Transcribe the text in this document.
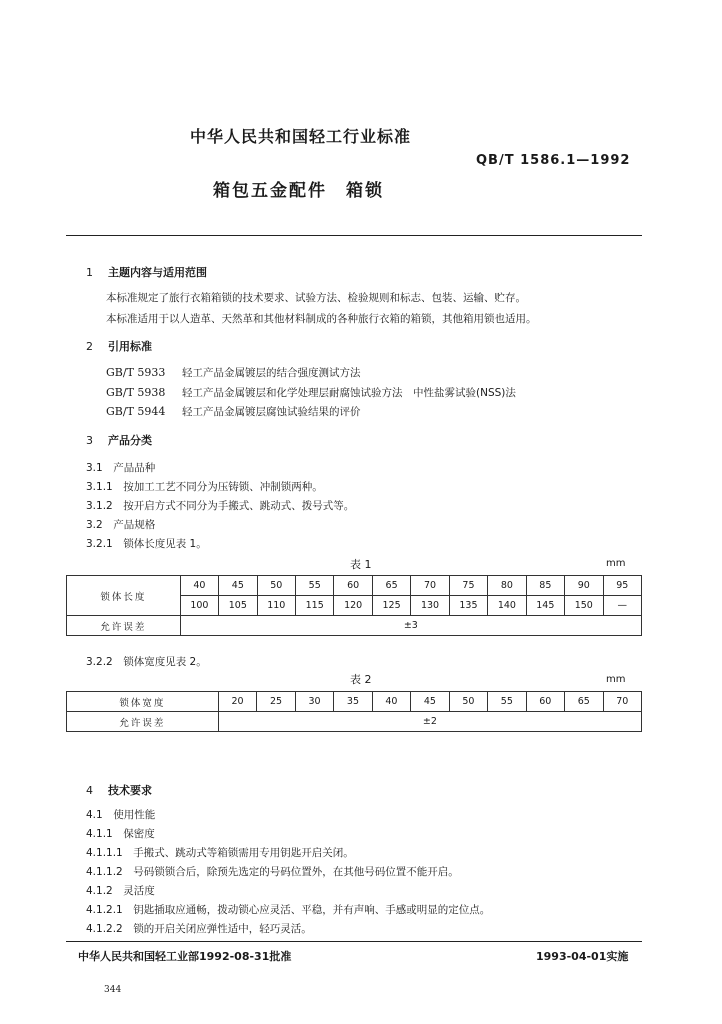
中华人民共和国轻工行业标准
QB/T 1586.1—1992
箱包五金配件　箱锁
1 主题内容与适用范围
本标准规定了旅行衣箱箱锁的技术要求、试验方法、检验规则和标志、包装、运输、贮存。
本标准适用于以人造革、天然革和其他材料制成的各种旅行衣箱的箱锁，其他箱用锁也适用。
2 引用标准
GB/T 5933 轻工产品金属镀层的结合强度测试方法
GB/T 5938 轻工产品金属镀层和化学处理层耐腐蚀试验方法　中性盐雾试验(NSS)法
GB/T 5944 轻工产品金属镀层腐蚀试验结果的评价
3 产品分类
3.1　产品品种
3.1.1　按加工工艺不同分为压铸锁、冲制锁两种。
3.1.2　按开启方式不同分为手搬式、跳动式、拨号式等。
3.2　产品规格
3.2.1　锁体长度见表 1。
表 1	mm
锁体长度	40	45	50	55	60	65	70	75	80	85	90	95
	100	105	110	115	120	125	130	135	140	145	150	—
允许误差	±3											
3.2.2　锁体宽度见表 2。
表 2	mm
锁体宽度	20	25	30	35	40	45	50	55	60	65	70
允许误差	±2										
4 技术要求
4.1　使用性能
4.1.1　保密度
4.1.1.1　手搬式、跳动式等箱锁需用专用钥匙开启关闭。
4.1.1.2　号码锁锁合后，除预先选定的号码位置外，在其他号码位置不能开启。
4.1.2　灵活度
4.1.2.1　钥匙插取应通畅，拨动锁心应灵活、平稳，并有声响、手感或明显的定位点。
4.1.2.2　锁的开启关闭应弹性适中，轻巧灵活。
中华人民共和国轻工业部1992-08-31批准	1993-04-01实施
344
